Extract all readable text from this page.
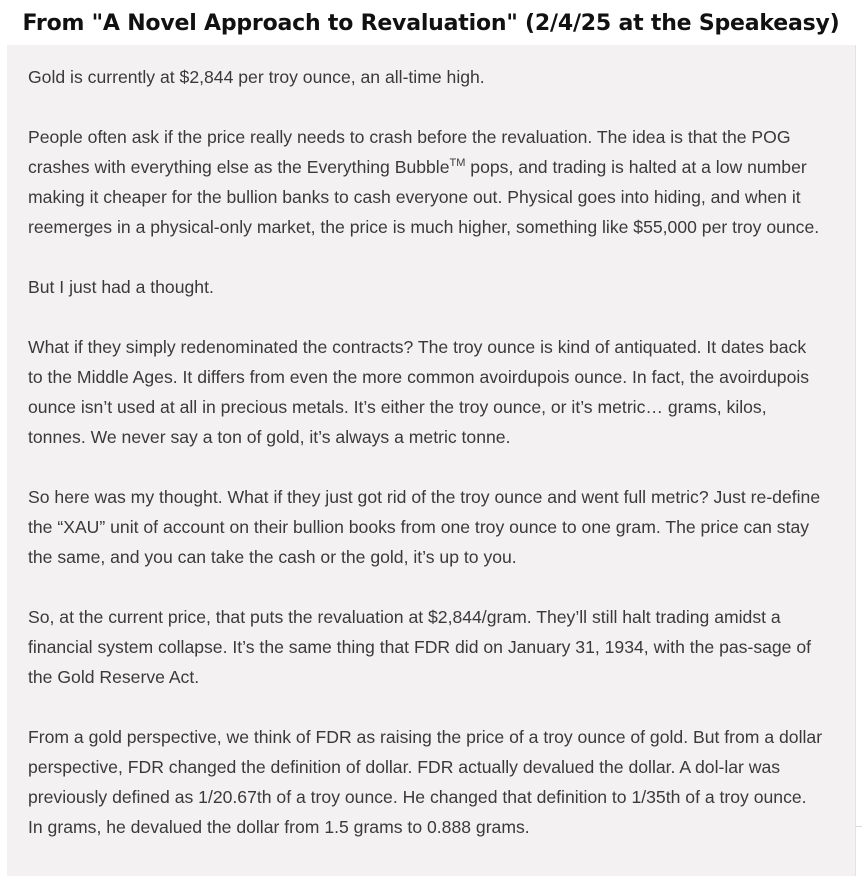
From "A Novel Approach to Revaluation" (2/4/25 at the Speakeasy)

Gold is currently at $2,844 per troy ounce, an all-time high.

People often ask if the price really needs to crash before the revaluation. The idea is that the POG crashes with everything else as the Everything Bubble™ pops, and trading is halted at a low number making it cheaper for the bullion banks to cash everyone out. Physical goes into hiding, and when it reemerges in a physical-only market, the price is much higher, something like $55,000 per troy ounce.

But I just had a thought.

What if they simply redenominated the contracts? The troy ounce is kind of antiquated. It dates back to the Middle Ages. It differs from even the more common avoirdupois ounce. In fact, the avoirdupois ounce isn’t used at all in precious metals. It’s either the troy ounce, or it’s metric… grams, kilos, tonnes. We never say a ton of gold, it’s always a metric tonne.

So here was my thought. What if they just got rid of the troy ounce and went full metric? Just re-define the “XAU” unit of account on their bullion books from one troy ounce to one gram. The price can stay the same, and you can take the cash or the gold, it’s up to you.

So, at the current price, that puts the revaluation at $2,844/gram. They’ll still halt trading amidst a financial system collapse. It’s the same thing that FDR did on January 31, 1934, with the pas-sage of the Gold Reserve Act.

From a gold perspective, we think of FDR as raising the price of a troy ounce of gold. But from a dollar perspective, FDR changed the definition of dollar. FDR actually devalued the dollar. A dol-lar was previously defined as 1/20.67th of a troy ounce. He changed that definition to 1/35th of a troy ounce. In grams, he devalued the dollar from 1.5 grams to 0.888 grams.
